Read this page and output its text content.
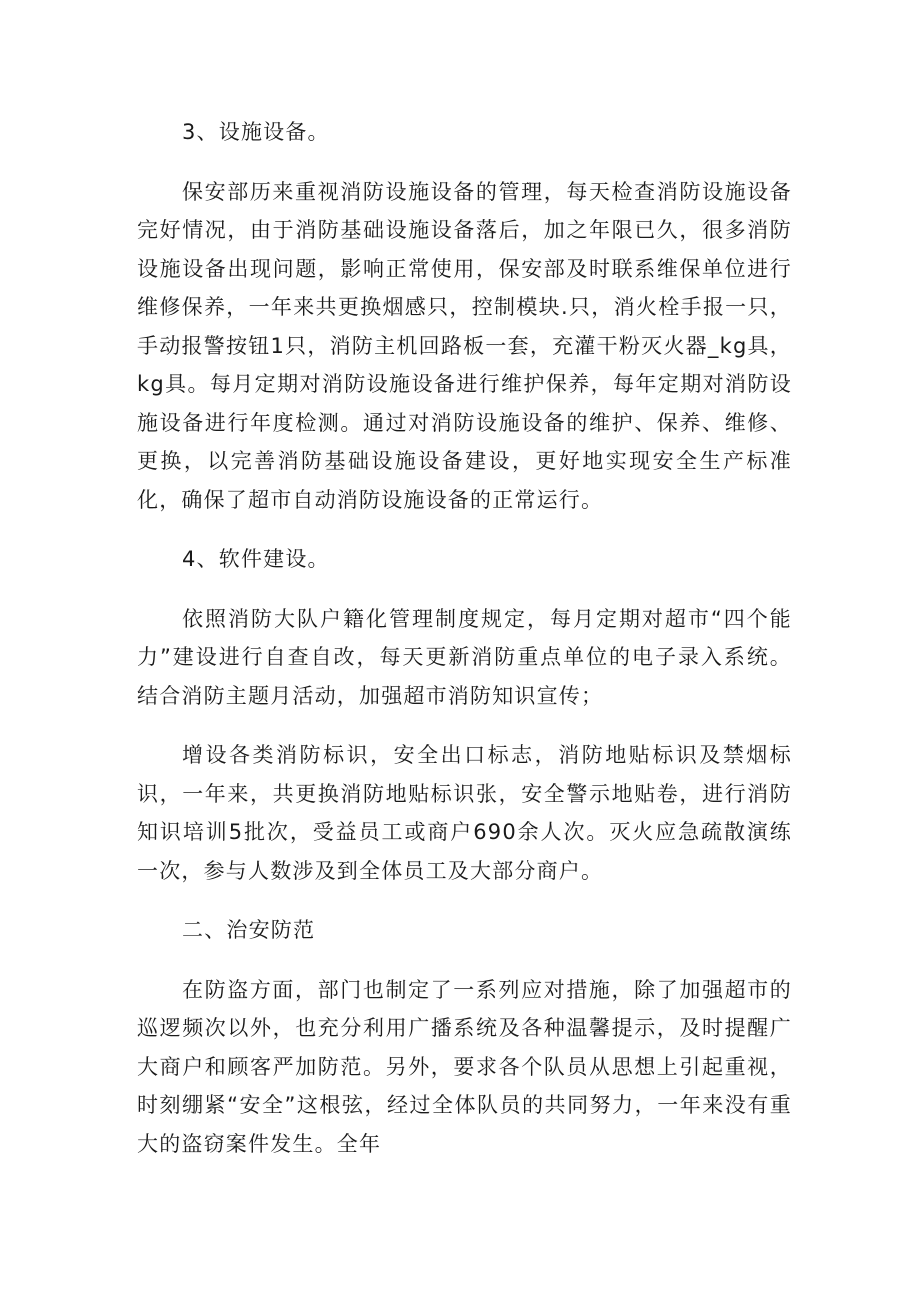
3、设施设备。

保安部历来重视消防设施设备的管理，每天检查消防设施设备完好情况，由于消防基础设施设备落后，加之年限已久，很多消防设施设备出现问题，影响正常使用，保安部及时联系维保单位进行维修保养，一年来共更换烟感只，控制模块.只，消火栓手报一只，手动报警按钮1只，消防主机回路板一套，充灌干粉灭火器_kg具，kg具。每月定期对消防设施设备进行维护保养，每年定期对消防设施设备进行年度检测。通过对消防设施设备的维护、保养、维修、更换，以完善消防基础设施设备建设，更好地实现安全生产标准化，确保了超市自动消防设施设备的正常运行。

4、软件建设。

依照消防大队户籍化管理制度规定，每月定期对超市“四个能力”建设进行自查自改，每天更新消防重点单位的电子录入系统。结合消防主题月活动，加强超市消防知识宣传；

增设各类消防标识，安全出口标志，消防地贴标识及禁烟标识，一年来，共更换消防地贴标识张，安全警示地贴卷，进行消防知识培训5批次，受益员工或商户690余人次。灭火应急疏散演练一次，参与人数涉及到全体员工及大部分商户。

二、治安防范

在防盗方面，部门也制定了一系列应对措施，除了加强超市的巡逻频次以外，也充分利用广播系统及各种温馨提示，及时提醒广大商户和顾客严加防范。另外，要求各个队员从思想上引起重视，时刻绷紧“安全”这根弦，经过全体队员的共同努力，一年来没有重大的盗窃案件发生。全年
